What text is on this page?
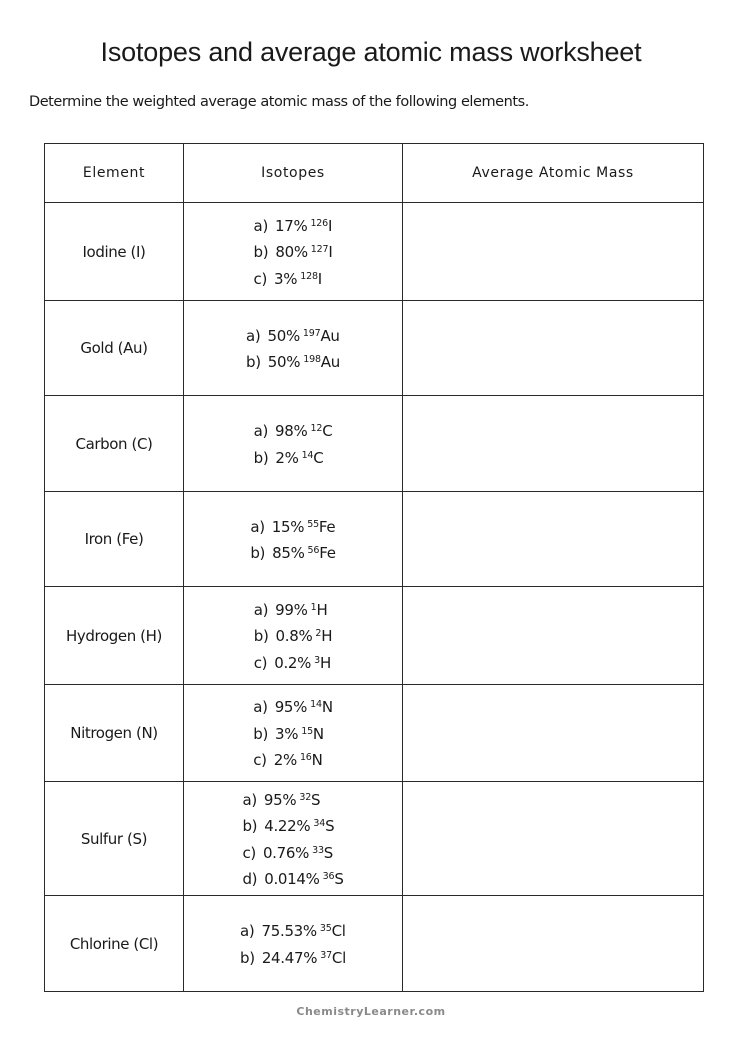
Isotopes and average atomic mass worksheet
Determine the weighted average atomic mass of the following elements.
Element	Isotopes	Average Atomic Mass
Iodine (I)	a) 17% $^{126}$I
b) 80% $^{127}$I
c) 3% $^{128}$I	

Gold (Au)	a) 50% $^{197}$Au
b) 50% $^{198}$Au	

Carbon (C)	a) 98% $^{12}$C
b) 2% $^{14}$C	

Iron (Fe)	a) 15% $^{55}$Fe
b) 85% $^{56}$Fe	

Hydrogen (H)	a) 99% $^1$H
b) 0.8% $^2$H
c) 0.2% $^3$H	

Nitrogen (N)	a) 95% $^{14}$N
b) 3% $^{15}$N
c) 2% $^{16}$N	

Sulfur (S)	a) 95% $^{32}$S
b) 4.22% $^{34}$S
c) 0.76% $^{33}$S
d) 0.014% $^{36}$S	

Chlorine (Cl)	a) 75.53% $^{35}$Cl
b) 24.47% $^{37}$Cl	

ChemistryLearner.com
